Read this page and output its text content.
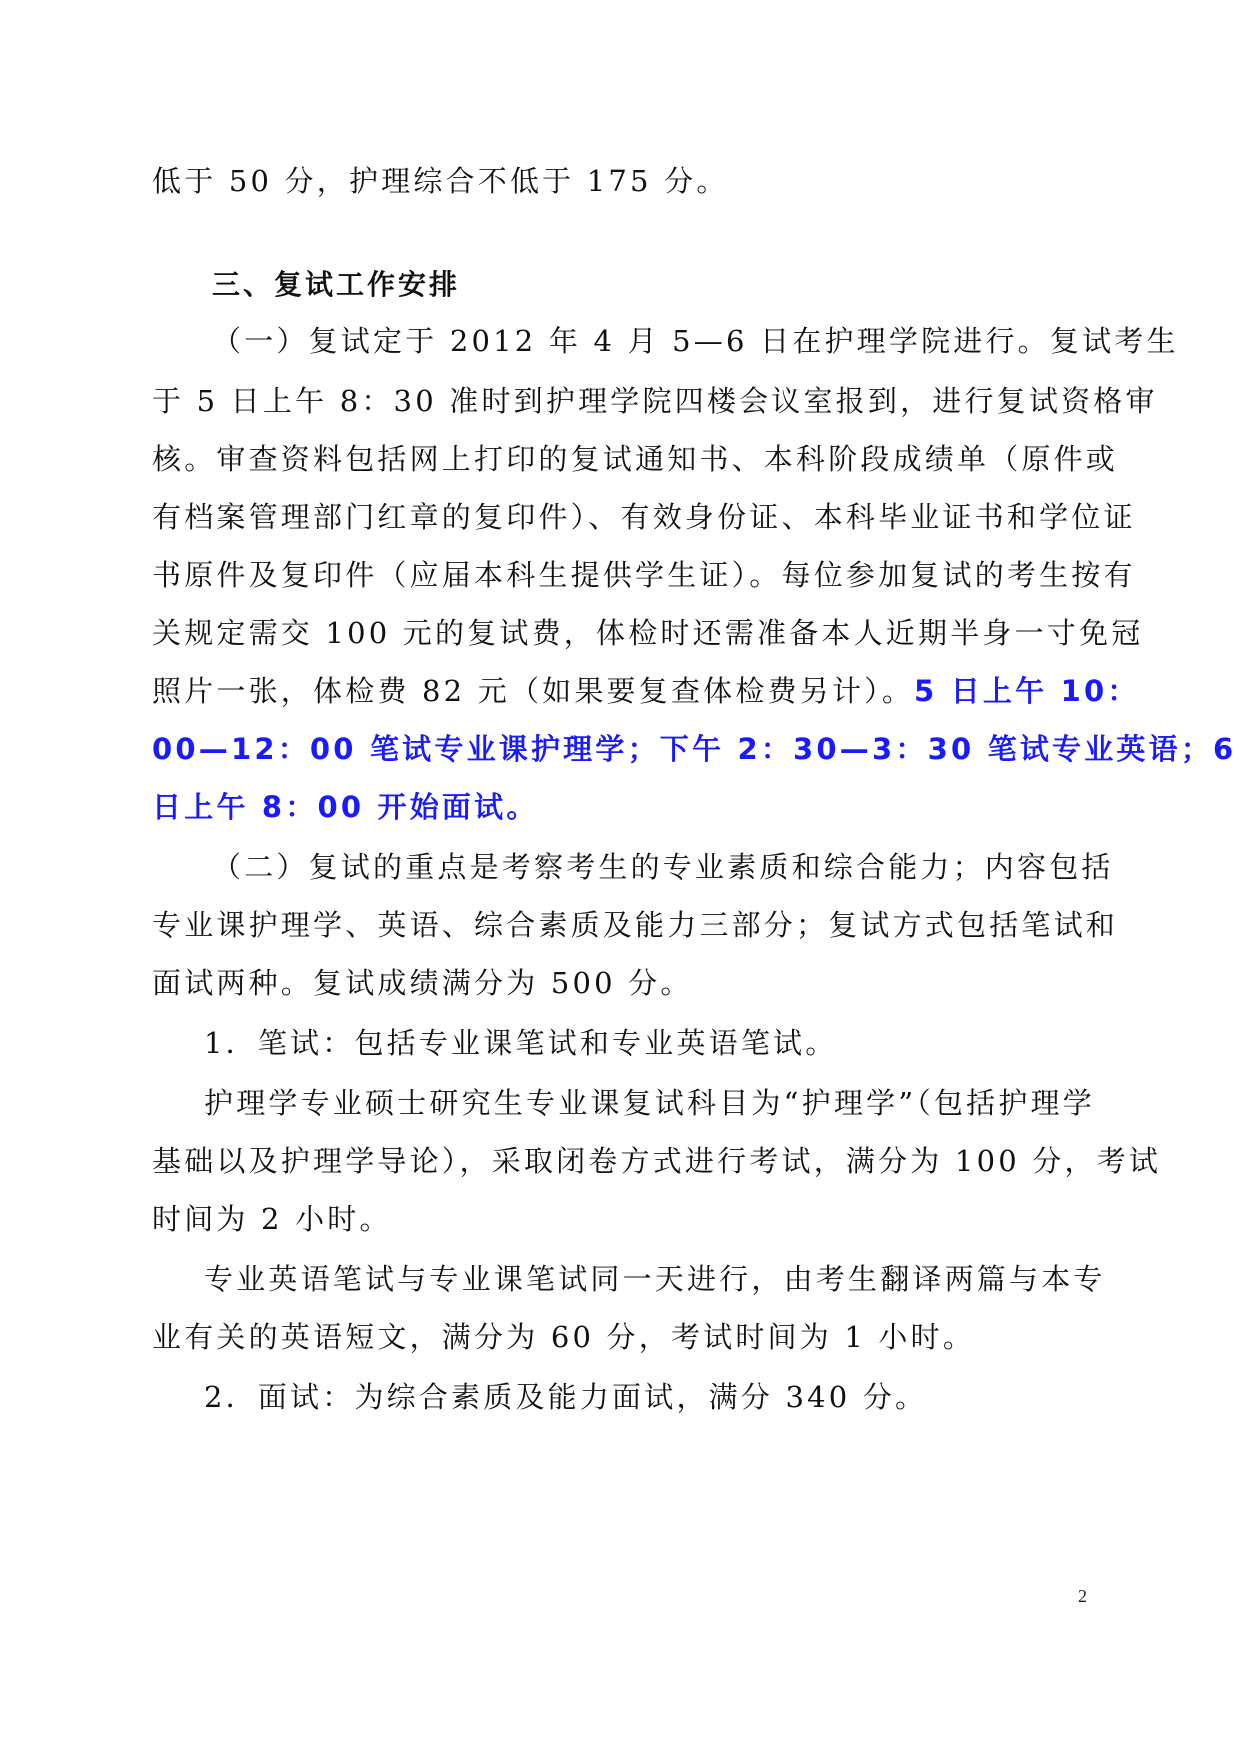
低于 50 分，护理综合不低于 175 分。
三、复试工作安排
（一）复试定于 2012 年 4 月 5—6 日在护理学院进行。复试考生
于 5 日上午 8：30 准时到护理学院四楼会议室报到，进行复试资格审
核。审查资料包括网上打印的复试通知书、本科阶段成绩单（原件或
有档案管理部门红章的复印件）、有效身份证、本科毕业证书和学位证
书原件及复印件（应届本科生提供学生证）。每位参加复试的考生按有
关规定需交 100 元的复试费，体检时还需准备本人近期半身一寸免冠
照片一张，体检费 82 元（如果要复查体检费另计）。5 日上午 10：
00—12：00 笔试专业课护理学；下午 2：30—3：30 笔试专业英语；6
日上午 8：00 开始面试。
（二）复试的重点是考察考生的专业素质和综合能力；内容包括
专业课护理学、英语、综合素质及能力三部分；复试方式包括笔试和
面试两种。复试成绩满分为 500 分。
1．笔试：包括专业课笔试和专业英语笔试。
护理学专业硕士研究生专业课复试科目为“护理学”（包括护理学
基础以及护理学导论），采取闭卷方式进行考试，满分为 100 分，考试
时间为 2 小时。
专业英语笔试与专业课笔试同一天进行，由考生翻译两篇与本专
业有关的英语短文，满分为 60 分，考试时间为 1 小时。
2．面试：为综合素质及能力面试，满分 340 分。
2
